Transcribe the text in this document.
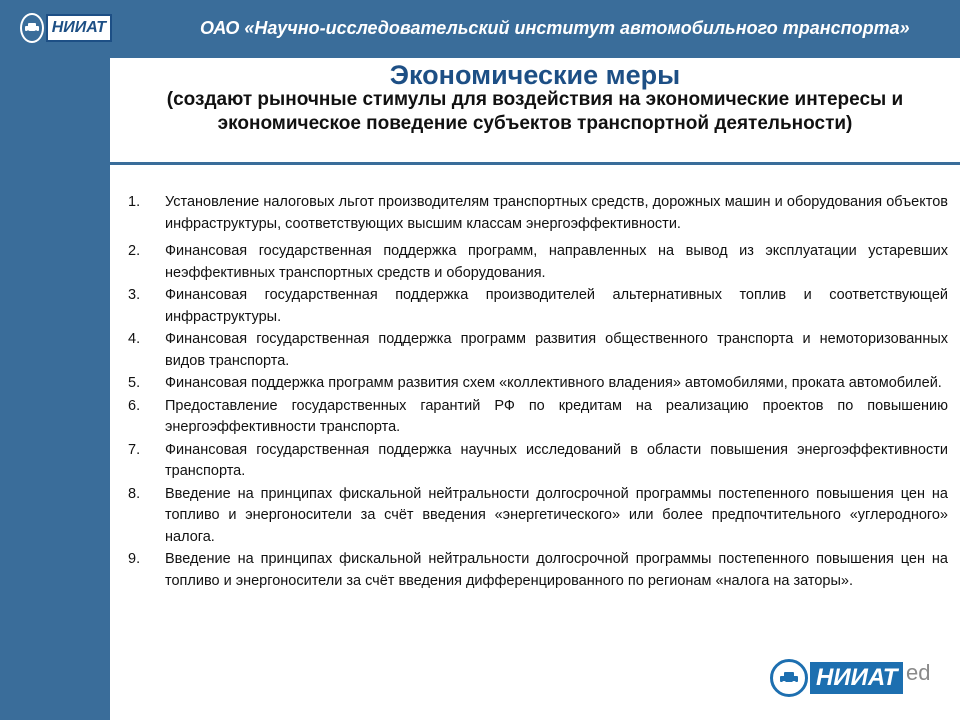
НИИАТ	ОАО «Научно-исследовательский институт автомобильного транспорта»
Экономические меры
(создают рыночные стимулы для воздействия на экономические интересы и экономическое поведение субъектов транспортной деятельности)
1.	Установление налоговых льгот производителям транспортных средств, дорожных машин и оборудования объектов инфраструктуры, соответствующих высшим классам энергоэффективности.
2.	Финансовая государственная поддержка программ, направленных на вывод из эксплуатации устаревших неэффективных транспортных средств и оборудования.
3.	Финансовая государственная поддержка производителей альтернативных топлив и соответствующей инфраструктуры.
4.	Финансовая государственная поддержка программ развития общественного транспорта и немоторизованных видов транспорта.
5.	Финансовая поддержка программ развития схем «коллективного владения» автомобилями, проката автомобилей.
6.	Предоставление государственных гарантий РФ по кредитам на реализацию проектов по повышению энергоэффективности транспорта.
7.	Финансовая государственная поддержка научных исследований в области повышения энергоэффективности транспорта.
8.	Введение на принципах фискальной нейтральности долгосрочной программы постепенного повышения цен на топливо и энергоносители за счёт введения «энергетического» или более предпочтительного «углеродного» налога.
9.	Введение на принципах фискальной нейтральности долгосрочной программы постепенного повышения цен на топливо и энергоносители за счёт введения дифференцированного по регионам «налога на заторы».
НИИАТ ed
